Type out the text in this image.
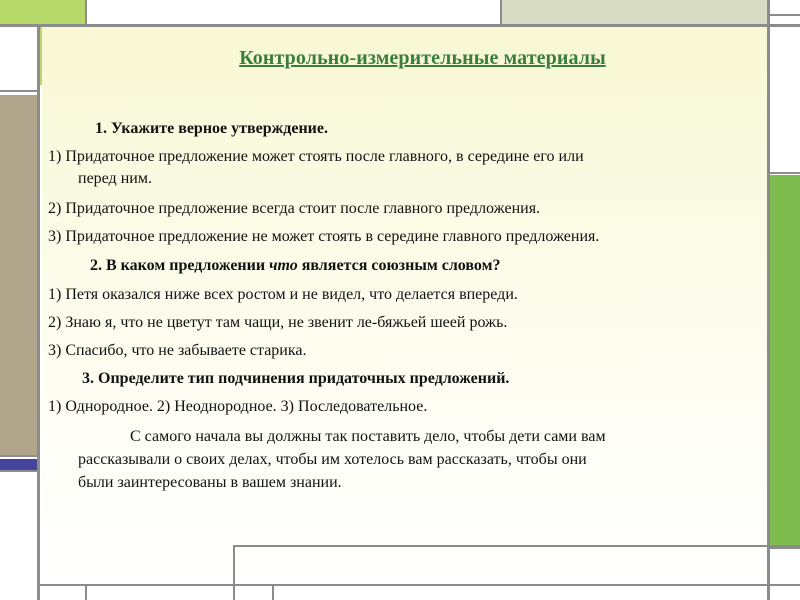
Контрольно-измерительные материалы
1. Укажите верное утверждение.
1) Придаточное предложение может стоять после главного, в середине его или
перед ним.
2) Придаточное предложение всегда стоит после главного предложения.
3) Придаточное предложение не может стоять в середине главного предложения.
2. В каком предложении что является союзным словом?
1) Петя оказался ниже всех ростом и не видел, что делается впереди.
2) Знаю я, что не цветут там чащи, не звенит ле-бяжьей шеей рожь.
3) Спасибо, что не забываете старика.
3. Определите тип подчинения придаточных предложений.
1) Однородное. 2) Неоднородное. 3) Последовательное.
С самого начала вы должны так поставить дело, чтобы дети сами вам
рассказывали о своих делах, чтобы им хотелось вам рассказать, чтобы они
были заинтересованы в вашем знании.
